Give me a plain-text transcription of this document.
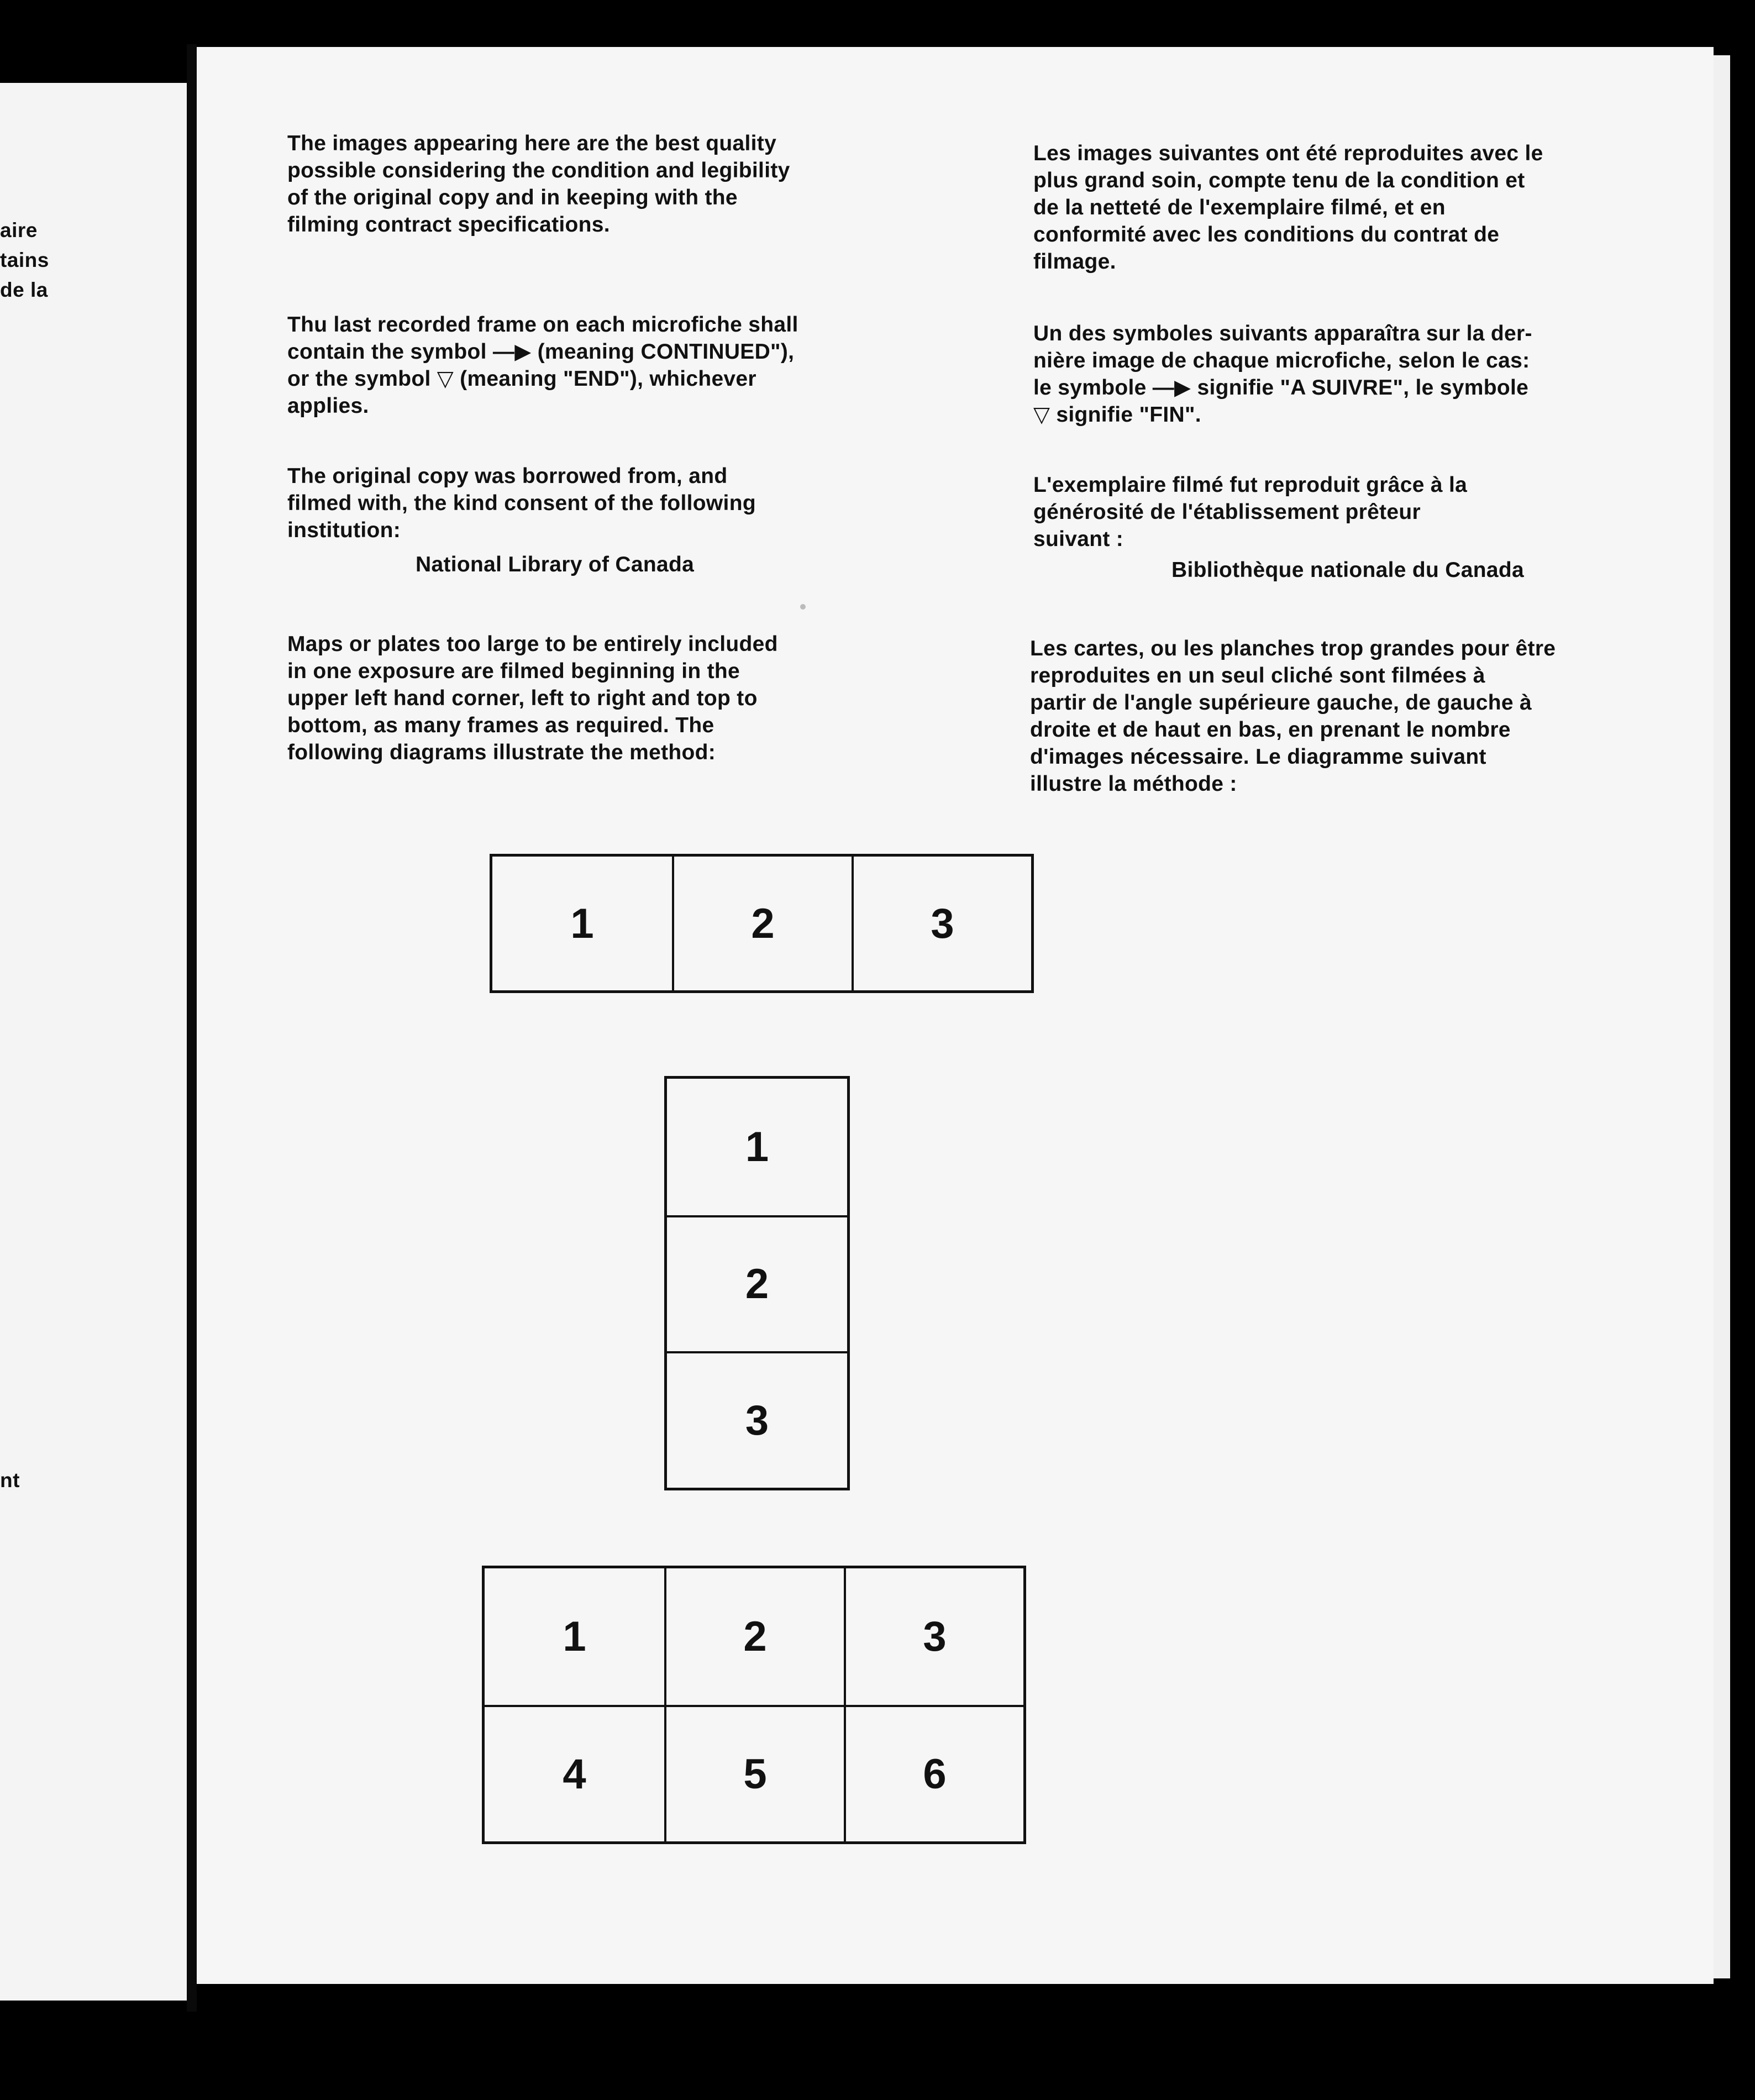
aire
tains
de la
nt
The images appearing here are the best quality
possible considering the condition and legibility
of the original copy and in keeping with the
filming contract specifications.
Thu last recorded frame on each microfiche shall
contain the symbol —▶ (meaning CONTINUED"),
or the symbol ▽ (meaning "END"), whichever
applies.
The original copy was borrowed from, and
filmed with, the kind consent of the following
institution:
National Library of Canada
Maps or plates too large to be entirely included
in one exposure are filmed beginning in the
upper left hand corner, left to right and top to
bottom, as many frames as required. The
following diagrams illustrate the method:
Les images suivantes ont été reproduites avec le
plus grand soin, compte tenu de la condition et
de la netteté de l'exemplaire filmé, et en
conformité avec les conditions du contrat de
filmage.
Un des symboles suivants apparaîtra sur la der-
nière image de chaque microfiche, selon le cas:
le symbole —▶ signifie "A SUIVRE", le symbole
▽ signifie "FIN".
L'exemplaire filmé fut reproduit grâce à la
générosité de l'établissement prêteur
suivant :
Bibliothèque nationale du Canada
Les cartes, ou les planches trop grandes pour être
reproduites en un seul cliché sont filmées à
partir de l'angle supérieure gauche, de gauche à
droite et de haut en bas, en prenant le nombre
d'images nécessaire. Le diagramme suivant
illustre la méthode :
1	2	3
1
2
3
1	2	3
4	5	6
